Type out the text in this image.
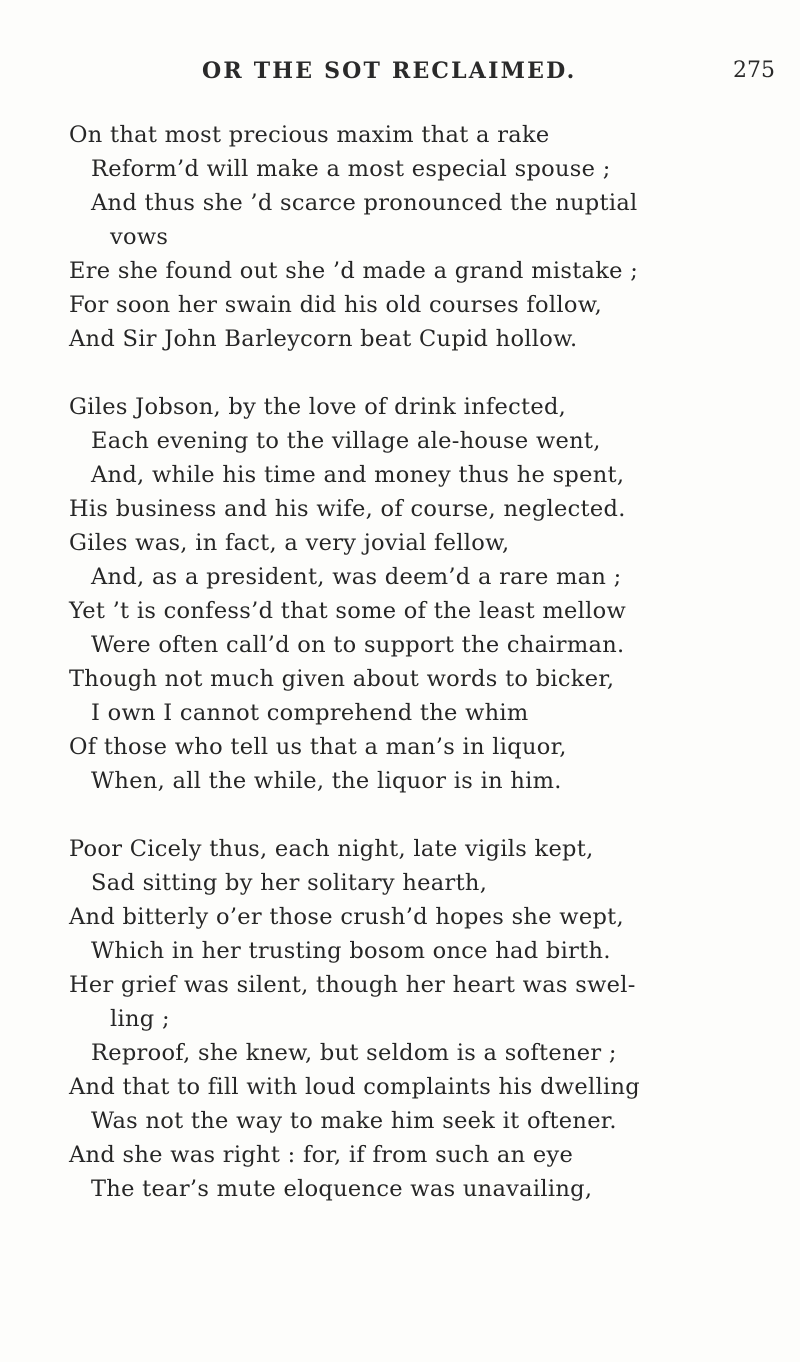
OR THE SOT RECLAIMED.	275
On that most precious maxim that a rake
Reform’d will make a most especial spouse ;
And thus she ’d scarce pronounced the nuptial
vows
Ere she found out she ’d made a grand mistake ;
For soon her swain did his old courses follow,
And Sir John Barleycorn beat Cupid hollow.
Giles Jobson, by the love of drink infected,
Each evening to the village ale-house went,
And, while his time and money thus he spent,
His business and his wife, of course, neglected.
Giles was, in fact, a very jovial fellow,
And, as a president, was deem’d a rare man ;
Yet ’t is confess’d that some of the least mellow
Were often call’d on to support the chairman.
Though not much given about words to bicker,
I own I cannot comprehend the whim
Of those who tell us that a man’s in liquor,
When, all the while, the liquor is in him.
Poor Cicely thus, each night, late vigils kept,
Sad sitting by her solitary hearth,
And bitterly o’er those crush’d hopes she wept,
Which in her trusting bosom once had birth.
Her grief was silent, though her heart was swel-
ling ;
Reproof, she knew, but seldom is a softener ;
And that to fill with loud complaints his dwelling
Was not the way to make him seek it oftener.
And she was right : for, if from such an eye
The tear’s mute eloquence was unavailing,
